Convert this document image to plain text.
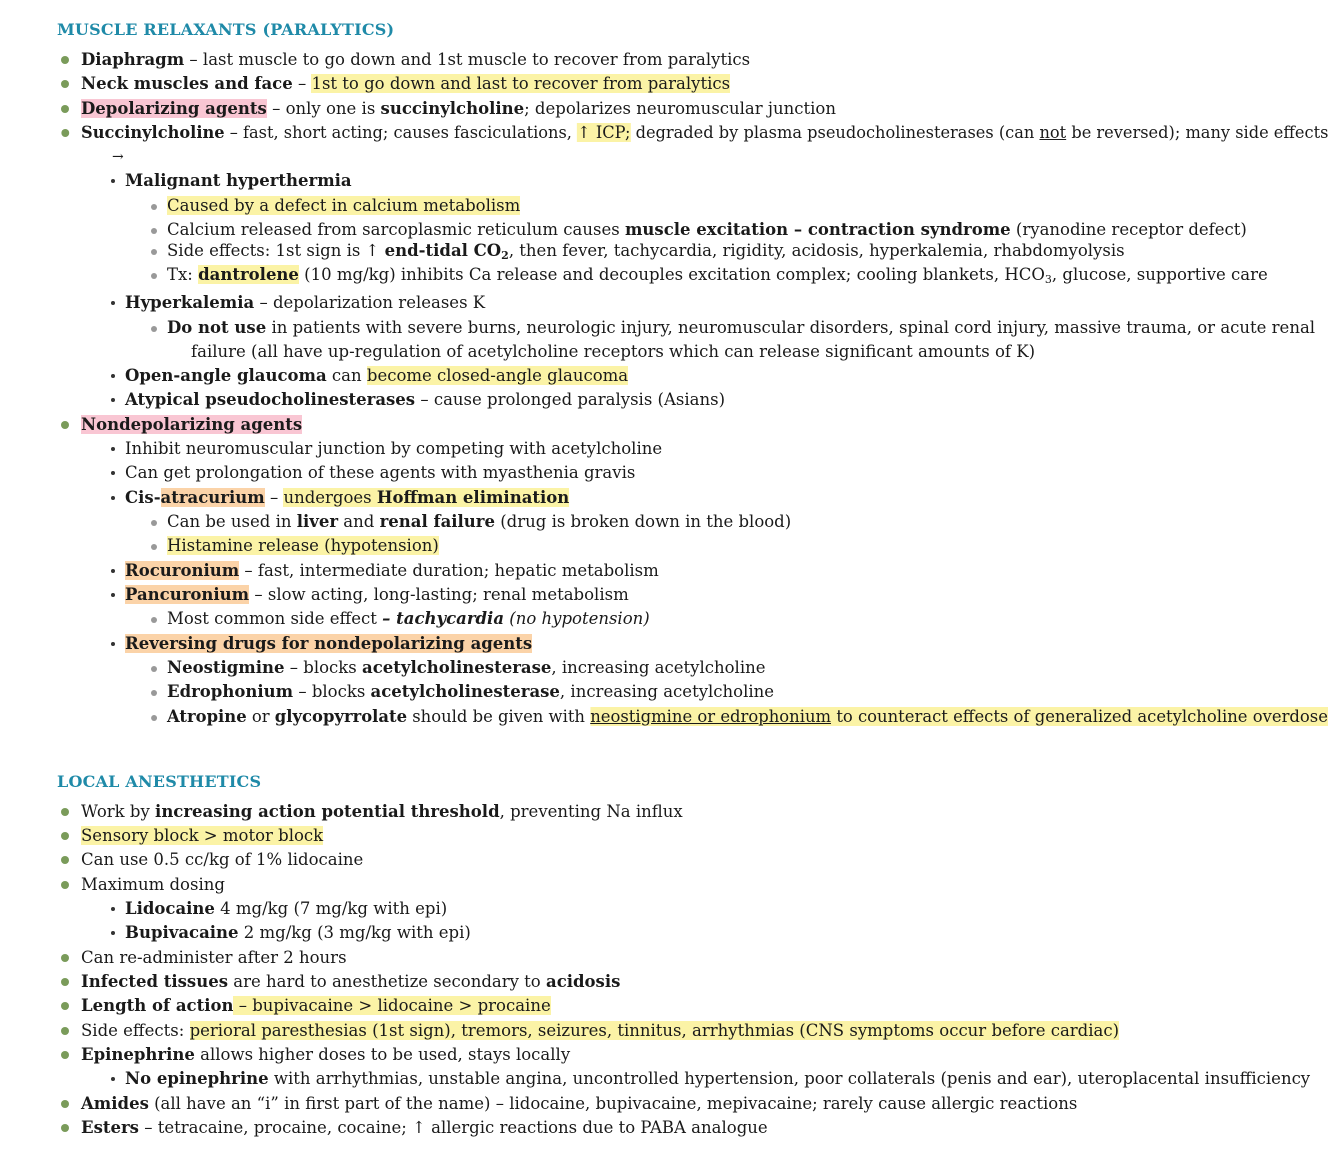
MUSCLE RELAXANTS (PARALYTICS)
Diaphragm – last muscle to go down and 1st muscle to recover from paralytics
Neck muscles and face – 1st to go down and last to recover from paralytics
Depolarizing agents – only one is succinylcholine; depolarizes neuromuscular junction
Succinylcholine – fast, short acting; causes fasciculations, ↑ ICP; degraded by plasma pseudocholinesterases (can not be reversed); many side effects
→
Malignant hyperthermia
Caused by a defect in calcium metabolism
Calcium released from sarcoplasmic reticulum causes muscle excitation – contraction syndrome (ryanodine receptor defect)
Side effects: 1st sign is ↑ end-tidal CO2, then fever, tachycardia, rigidity, acidosis, hyperkalemia, rhabdomyolysis
Tx: dantrolene (10 mg/kg) inhibits Ca release and decouples excitation complex; cooling blankets, HCO3, glucose, supportive care
Hyperkalemia – depolarization releases K
Do not use in patients with severe burns, neurologic injury, neuromuscular disorders, spinal cord injury, massive trauma, or acute renal
failure (all have up-regulation of acetylcholine receptors which can release significant amounts of K)
Open-angle glaucoma can become closed-angle glaucoma
Atypical pseudocholinesterases – cause prolonged paralysis (Asians)
Nondepolarizing agents
Inhibit neuromuscular junction by competing with acetylcholine
Can get prolongation of these agents with myasthenia gravis
Cis-atracurium – undergoes Hoffman elimination
Can be used in liver and renal failure (drug is broken down in the blood)
Histamine release (hypotension)
Rocuronium – fast, intermediate duration; hepatic metabolism
Pancuronium – slow acting, long-lasting; renal metabolism
Most common side effect – tachycardia (no hypotension)
Reversing drugs for nondepolarizing agents
Neostigmine – blocks acetylcholinesterase, increasing acetylcholine
Edrophonium – blocks acetylcholinesterase, increasing acetylcholine
Atropine or glycopyrrolate should be given with neostigmine or edrophonium to counteract effects of generalized acetylcholine overdose
LOCAL ANESTHETICS
Work by increasing action potential threshold, preventing Na influx
Sensory block > motor block
Can use 0.5 cc/kg of 1% lidocaine
Maximum dosing
Lidocaine 4 mg/kg (7 mg/kg with epi)
Bupivacaine 2 mg/kg (3 mg/kg with epi)
Can re-administer after 2 hours
Infected tissues are hard to anesthetize secondary to acidosis
Length of action – bupivacaine > lidocaine > procaine
Side effects: perioral paresthesias (1st sign), tremors, seizures, tinnitus, arrhythmias (CNS symptoms occur before cardiac)
Epinephrine allows higher doses to be used, stays locally
No epinephrine with arrhythmias, unstable angina, uncontrolled hypertension, poor collaterals (penis and ear), uteroplacental insufficiency
Amides (all have an “i” in first part of the name) – lidocaine, bupivacaine, mepivacaine; rarely cause allergic reactions
Esters – tetracaine, procaine, cocaine; ↑ allergic reactions due to PABA analogue
